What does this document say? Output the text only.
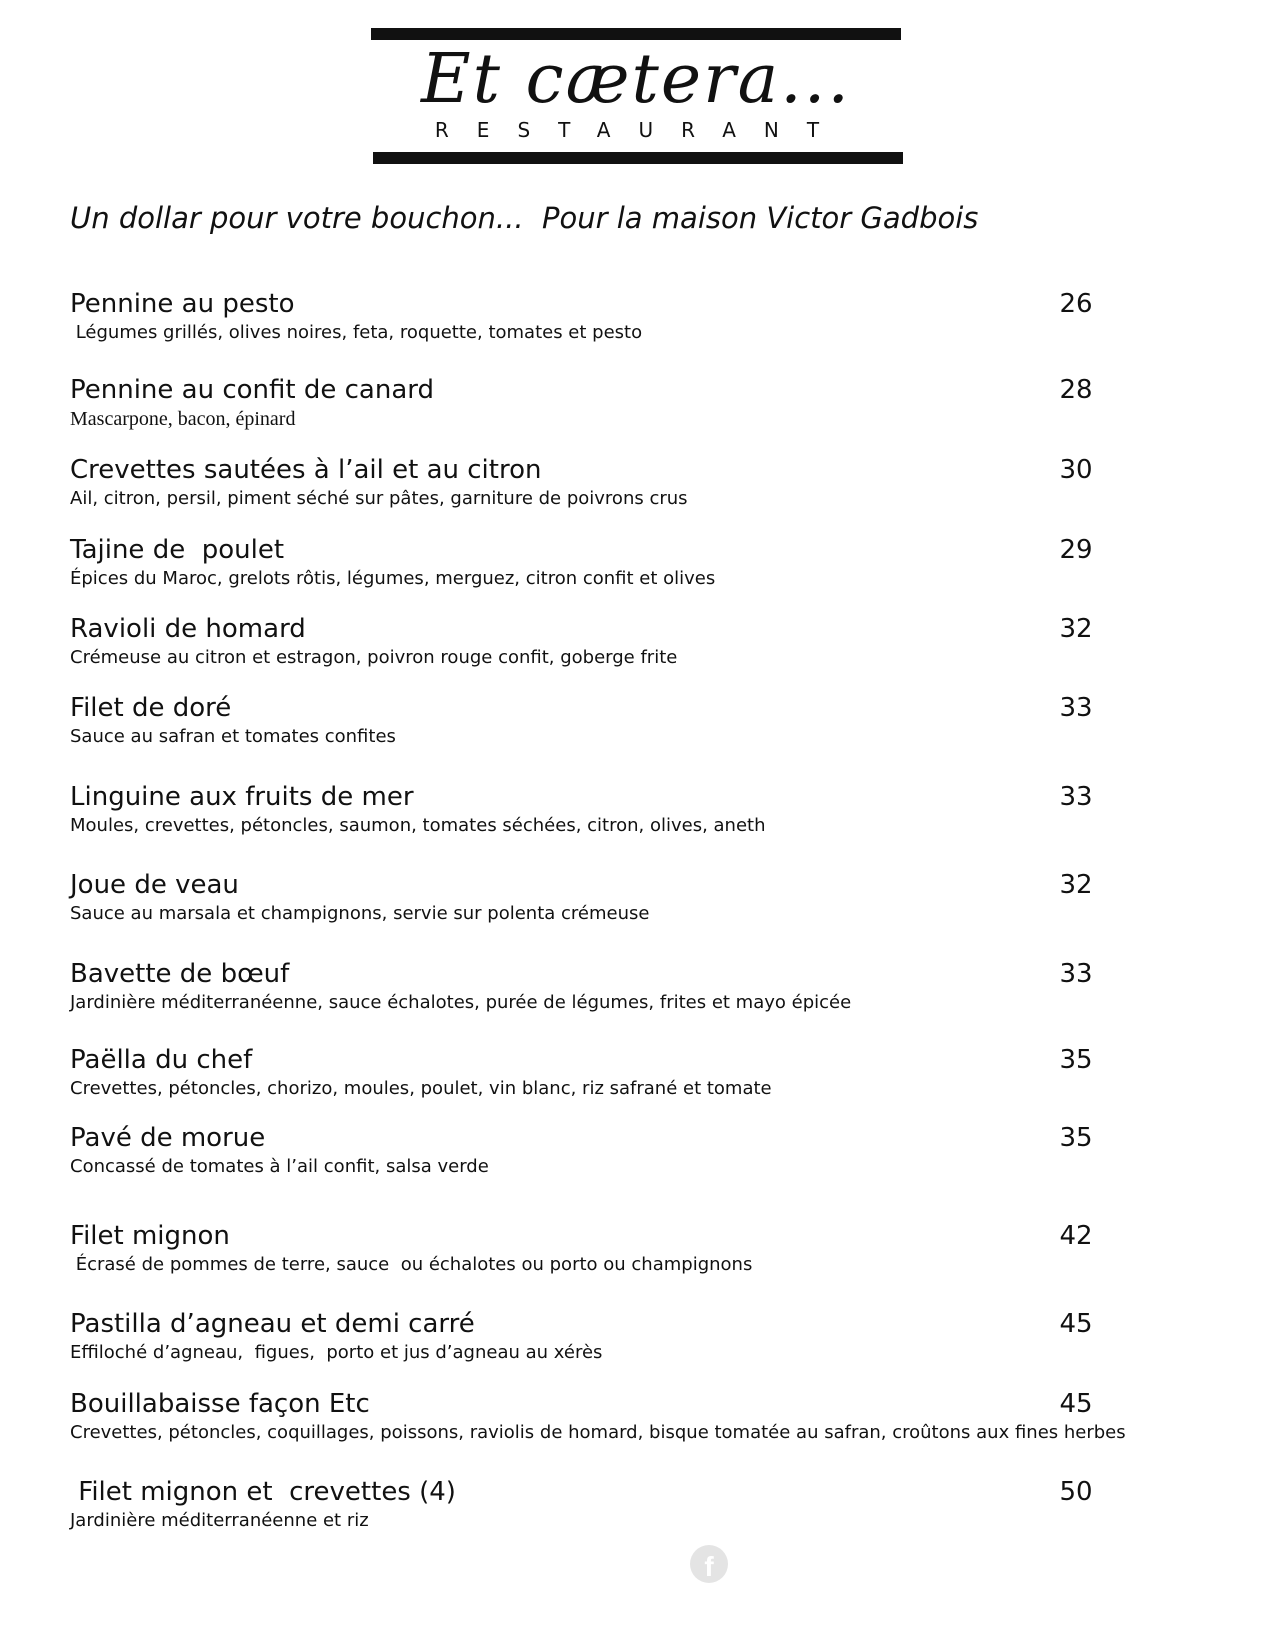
Et cætera...
RESTAURANT
Un dollar pour votre bouchon...  Pour la maison Victor Gadbois
Pennine au pesto
Légumes grillés, olives noires, feta, roquette, tomates et pesto
26
Pennine au confit de canard
Mascarpone, bacon, épinard
28
Crevettes sautées à l’ail et au citron
Ail, citron, persil, piment séché sur pâtes, garniture de poivrons crus
30
Tajine de  poulet
Épices du Maroc, grelots rôtis, légumes, merguez, citron confit et olives
29
Ravioli de homard
Crémeuse au citron et estragon, poivron rouge confit, goberge frite
32
Filet de doré
Sauce au safran et tomates confites
33
Linguine aux fruits de mer
Moules, crevettes, pétoncles, saumon, tomates séchées, citron, olives, aneth
33
Joue de veau
Sauce au marsala et champignons, servie sur polenta crémeuse
32
Bavette de bœuf
Jardinière méditerranéenne, sauce échalotes, purée de légumes, frites et mayo épicée
33
Paëlla du chef
Crevettes, pétoncles, chorizo, moules, poulet, vin blanc, riz safrané et tomate
35
Pavé de morue
Concassé de tomates à l’ail confit, salsa verde
35
Filet mignon
Écrasé de pommes de terre, sauce  ou échalotes ou porto ou champignons
42
Pastilla d’agneau et demi carré
Effiloché d’agneau,  figues,  porto et jus d’agneau au xérès
45
Bouillabaisse façon Etc
Crevettes, pétoncles, coquillages, poissons, raviolis de homard, bisque tomatée au safran, croûtons aux fines herbes
45
Filet mignon et  crevettes (4)
Jardinière méditerranéenne et riz
50
f
